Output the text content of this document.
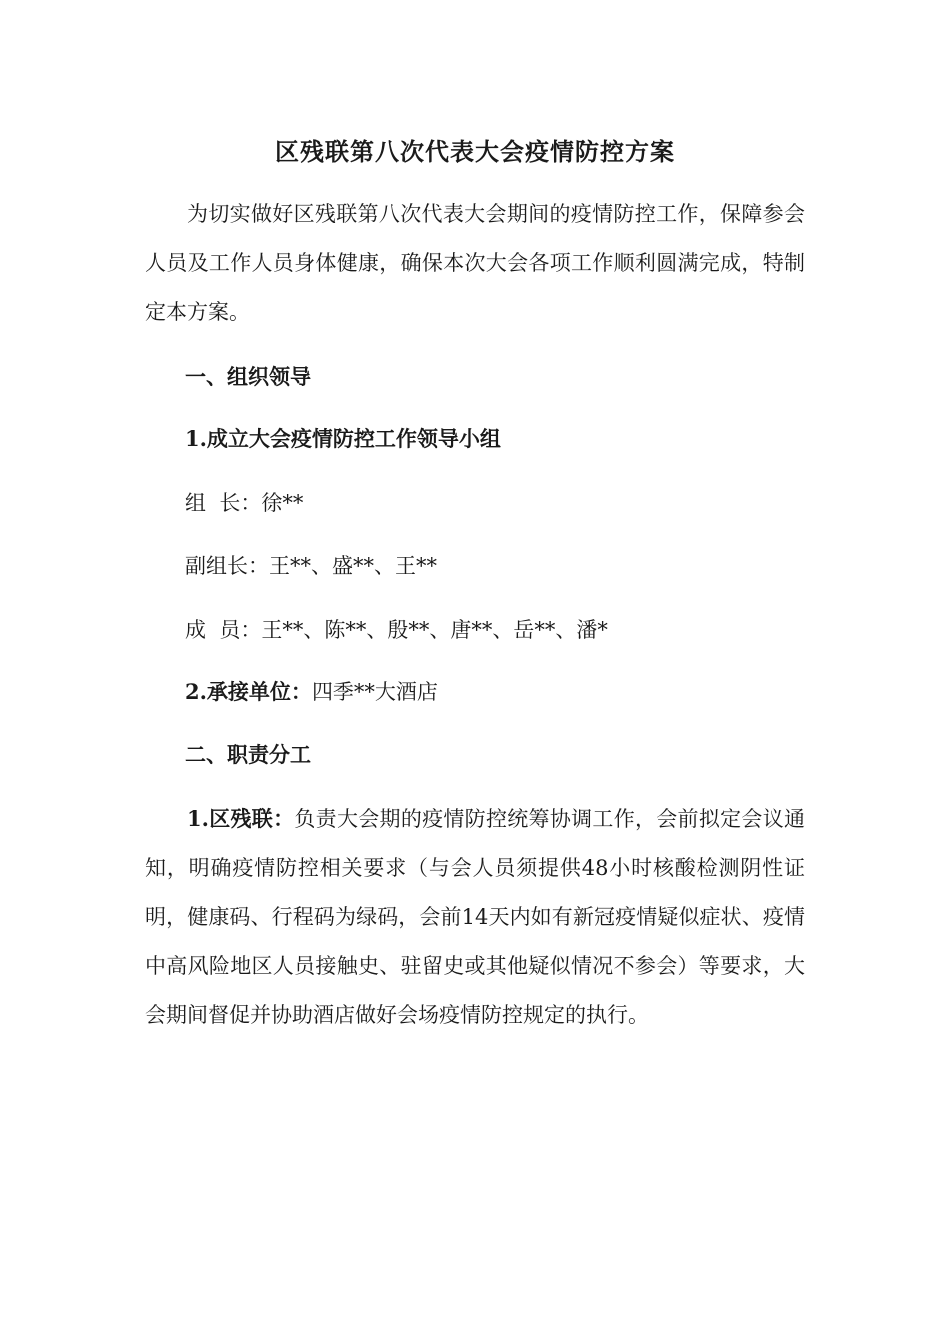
区残联第八次代表大会疫情防控方案

为切实做好区残联第八次代表大会期间的疫情防控工作，保障参会人员及工作人员身体健康，确保本次大会各项工作顺利圆满完成，特制定本方案。

一、组织领导
1.成立大会疫情防控工作领导小组
组  长：徐**
副组长：王**、盛**、王**
成  员：王**、陈**、殷**、唐**、岳**、潘*
2.承接单位：四季**大酒店
二、职责分工

1.区残联：负责大会期的疫情防控统筹协调工作，会前拟定会议通知，明确疫情防控相关要求（与会人员须提供48小时核酸检测阴性证明，健康码、行程码为绿码，会前14天内如有新冠疫情疑似症状、疫情中高风险地区人员接触史、驻留史或其他疑似情况不参会）等要求，大会期间督促并协助酒店做好会场疫情防控规定的执行。
